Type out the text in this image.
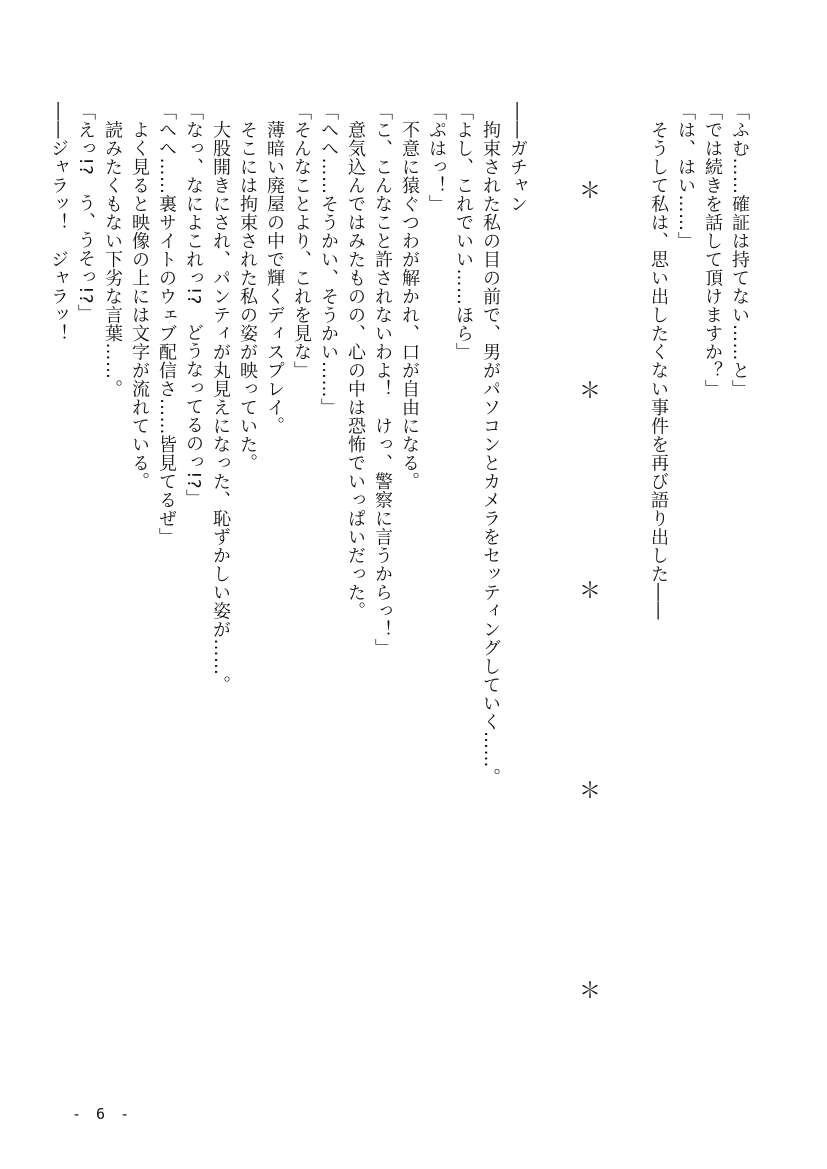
「ふむ……確証は持てない……と」
「では続きを話して頂けますか？」
「は、はい……」
　そうして私は、思い出したくない事件を再び語り出した――
＊
＊
＊
＊
＊
――ガチャン
　拘束された私の目の前で、男がパソコンとカメラをセッティングしていく……。
「よし、これでいい……ほら」
「ぷはっ！」
　不意に猿ぐつわが解かれ、口が自由になる。
「こ、こんなこと許されないわよ！　けっ、警察に言うからっ！」
　意気込んではみたものの、心の中は恐怖でいっぱいだった。
「へへ……そうかい、そうかい……」
「そんなことより、これを見な」
　薄暗い廃屋の中で輝くディスプレイ。
　そこには拘束された私の姿が映っていた。
　大股開きにされ、パンティが丸見えになった、恥ずかしい姿が……。
「なっ、なによこれっ!?　どうなってるのっ!?」
「へへ……裏サイトのウェブ配信さ……皆見てるぜ」
　よく見ると映像の上には文字が流れている。
　読みたくもない下劣な言葉……。
「えっ!?　う、うそっ!?」
――ジャラッ！　ジャラッ！
- 6 -
